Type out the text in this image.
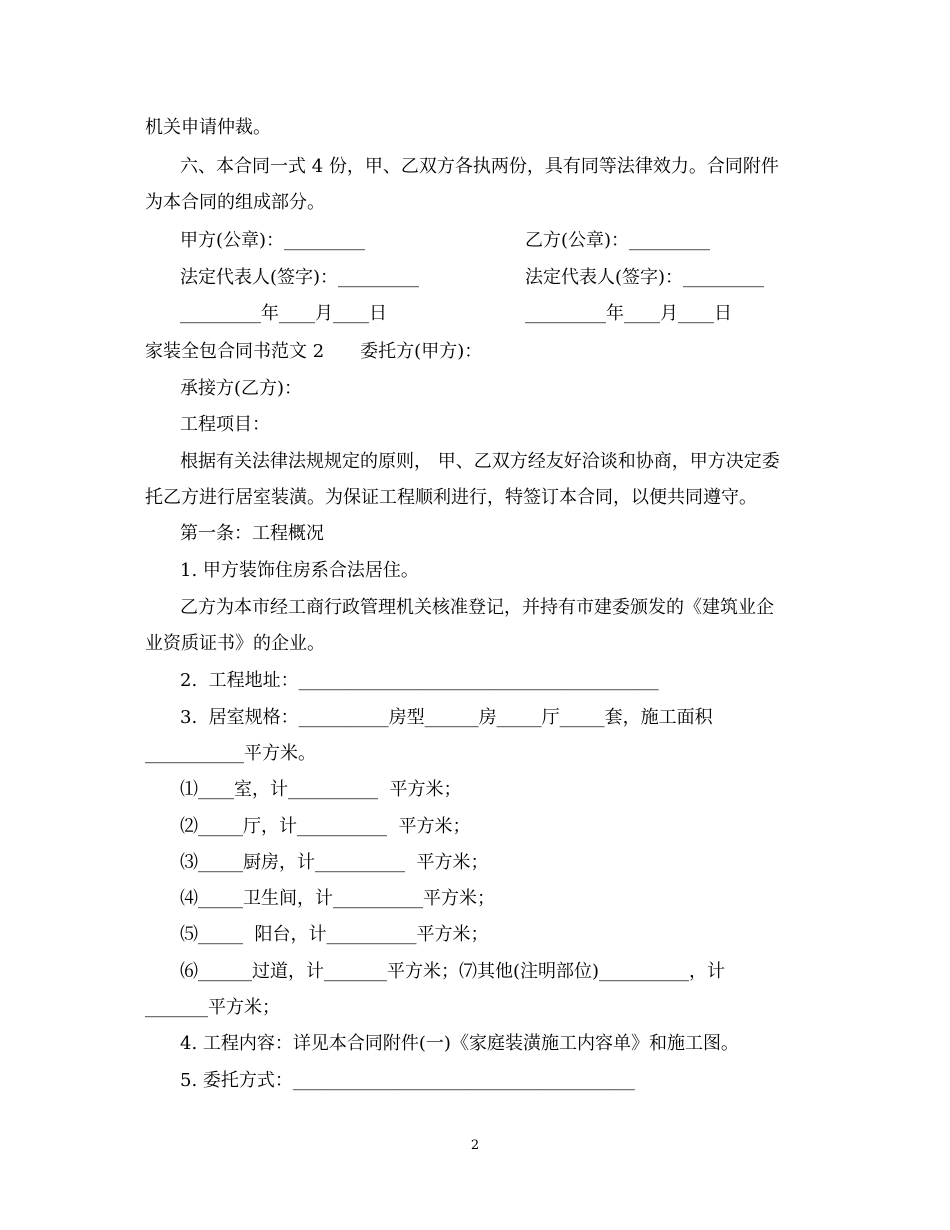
机关申请仲裁。
六、本合同一式 4 份，甲、乙双方各执两份，具有同等法律效力。合同附件
为本合同的组成部分。
甲方(公章)：_________	乙方(公章)：_________
法定代表人(签字)：_________	法定代表人(签字)：_________
_________年____月____日	_________年____月____日
家装全包合同书范文 2　　委托方(甲方)：
承接方(乙方)：
工程项目：
根据有关法律法规规定的原则， 甲、乙双方经友好洽谈和协商，甲方决定委
托乙方进行居室装潢。为保证工程顺利进行，特签订本合同，以便共同遵守。
第一条：工程概况
1. 甲方装饰住房系合法居住。
乙方为本市经工商行政管理机关核准登记，并持有市建委颁发的《建筑业企
业资质证书》的企业。
2.  工程地址：________________________________________
3.  居室规格：__________房型______房_____厅_____套，施工面积
___________平方米。
⑴____室，计__________  平方米；
⑵_____厅，计__________  平方米；
⑶_____厨房，计__________  平方米；
⑷_____卫生间，计__________平方米；
⑸_____  阳台，计__________平方米；
⑹______过道，计_______平方米；⑺其他(注明部位)__________，计
_______平方米；
4. 工程内容：详见本合同附件(一)《家庭装潢施工内容单》和施工图。
5. 委托方式：______________________________________
2
